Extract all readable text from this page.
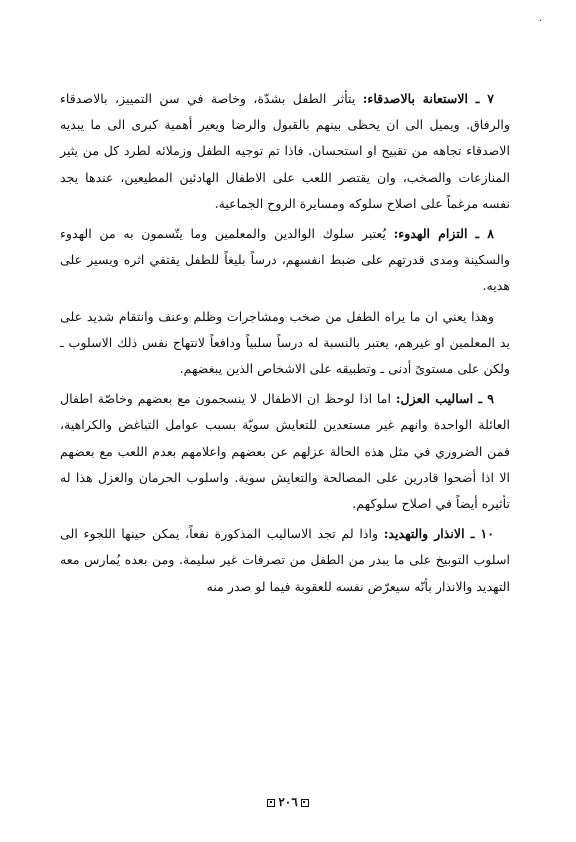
·

٧ ـ الاستعانة بالاصدقاء: يتأثر الطفل بشدّة، وخاصة في سن التمييز، بالاصدقاء والرفاق. ويميل الى ان يحظى بينهم بالقبول والرضا ويعير أهمية كبرى الى ما يبديه الاصدقاء تجاهه من تقبيح او استحسان. فاذا تم توجيه الطفل وزملائه لطرد كل من يثير المنازعات والصخب، وان يقتصر اللعب على الاطفال الهادئين المطيعين، عندها يجد نفسه مرغماً على اصلاح سلوكه ومسايرة الروح الجماعية.

٨ ـ التزام الهدوء: يُعتبر سلوك الوالدين والمعلمين وما يتّسمون به من الهدوء والسكينة ومدى قدرتهم على ضبط انفسهم، درساً بليغاً للطفل يقتفي اثره ويسير على هديه.

وهذا يعني ان ما يراه الطفل من صخب ومشاجرات وظلم وعنف وانتقام شديد على يد المعلمين او غيرهم، يعتبر بالنسبة له درساً سلبياً ودافعاً لانتهاج نفس ذلك الاسلوب ـ ولكن على مستوىً أدنى ـ وتطبيقه على الاشخاص الذين يبغضهم.

٩ ـ اساليب العزل: اما اذا لوحظ ان الاطفال لا ينسجمون مع بعضهم وخاصّة اطفال العائلة الواحدة وانهم غير مستعدين للتعايش سويّة بسبب عوامل التباغض والكراهية، فمن الضروري في مثل هذه الحالة عزلهم عن بعضهم واعلامهم بعدم اللعب مع بعضهم الا اذا أضحوا قادرين على المصالحة والتعايش سوية. واسلوب الحرمان والعزل هذا له تأثيره أيضاً في اصلاح سلوكهم.

١٠ ـ الانذار والتهديد: واذا لم تجد الاساليب المذكورة نفعاً، يمكن حينها اللجوء الى اسلوب التوبيخ على ما يبدر من الطفل من تصرفات غير سليمة. ومن بعده يُمارس معه التهديد والانذار بأنّه سيعرّض نفسه للعقوبة فيما لو صدر منه

٢٠٦
